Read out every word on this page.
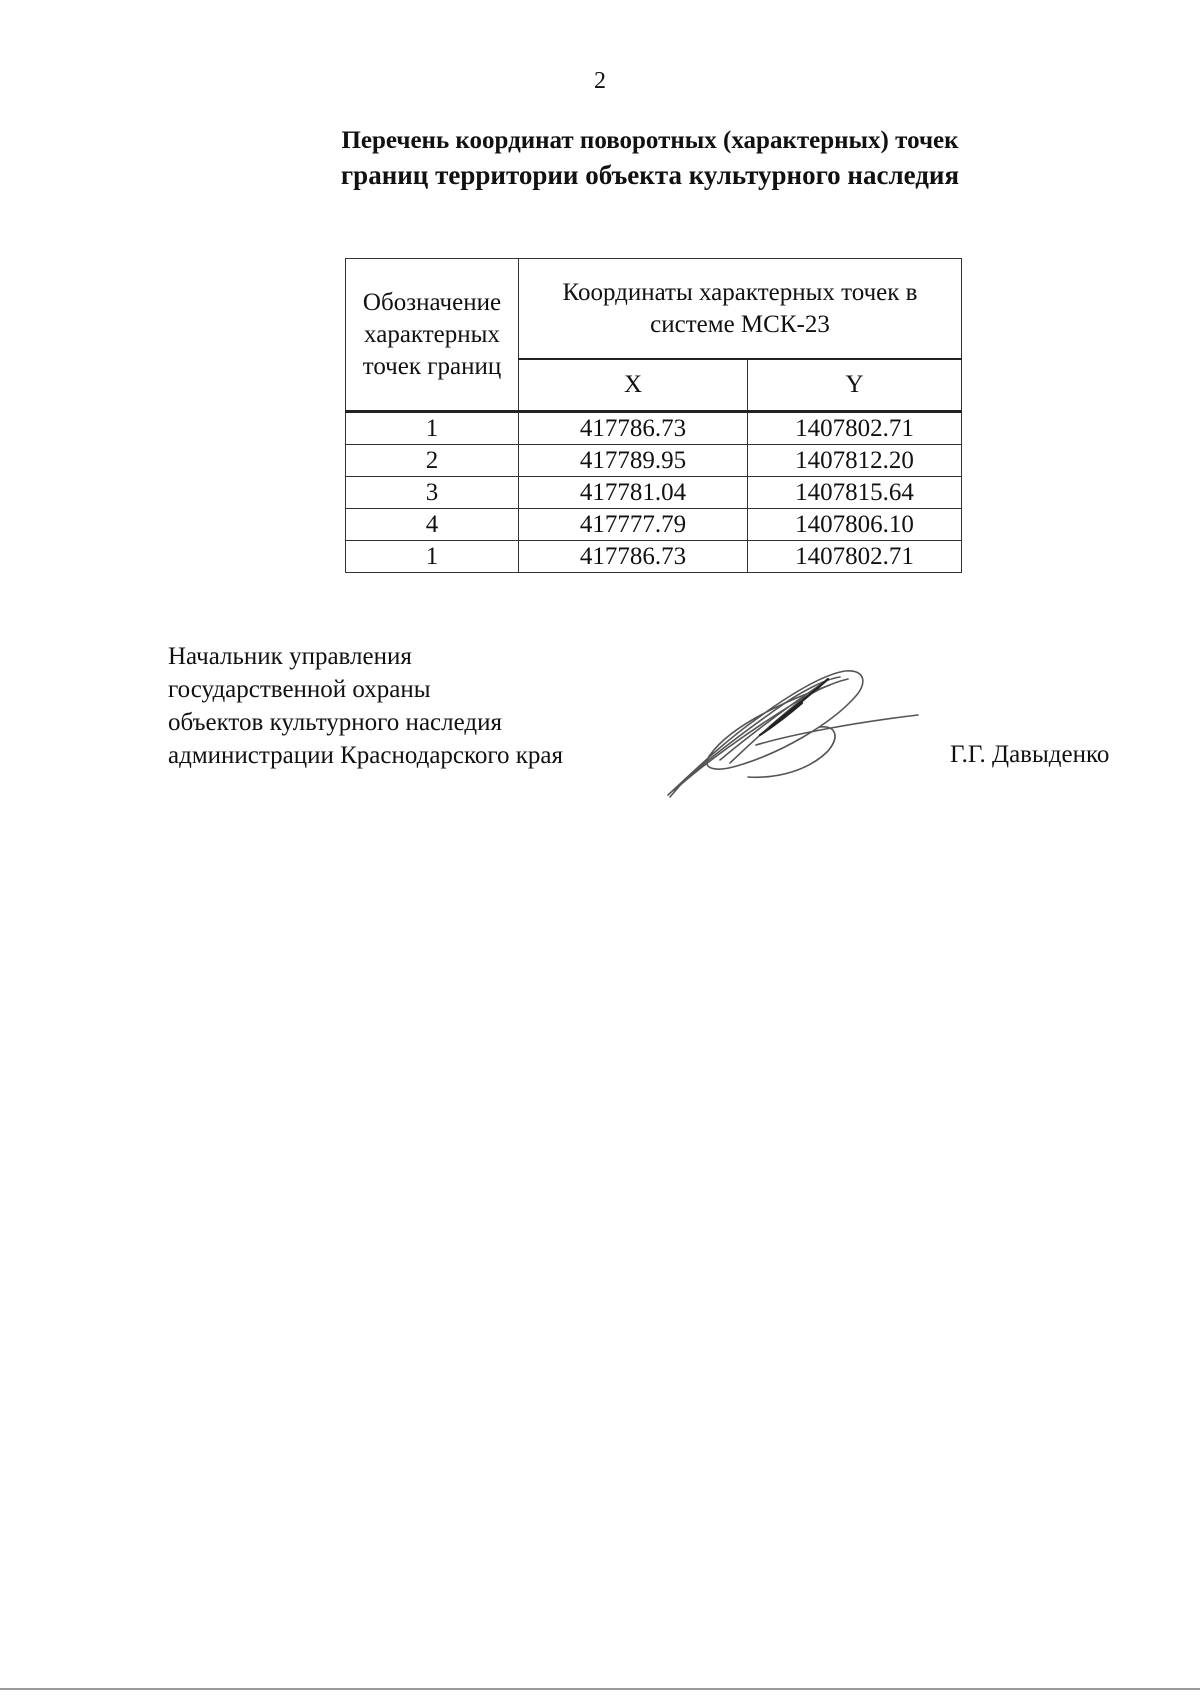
2
Перечень координат поворотных (характерных) точек
границ территории объекта культурного наследия
Обозначение характерных точек границ	Координаты характерных точек в системе МСК-23	
	X	Y
1	417786.73	1407802.71
2	417789.95	1407812.20
3	417781.04	1407815.64
4	417777.79	1407806.10
1	417786.73	1407802.71
Начальник управления
государственной охраны
объектов культурного наследия
администрации Краснодарского края	Г.Г. Давыденко
